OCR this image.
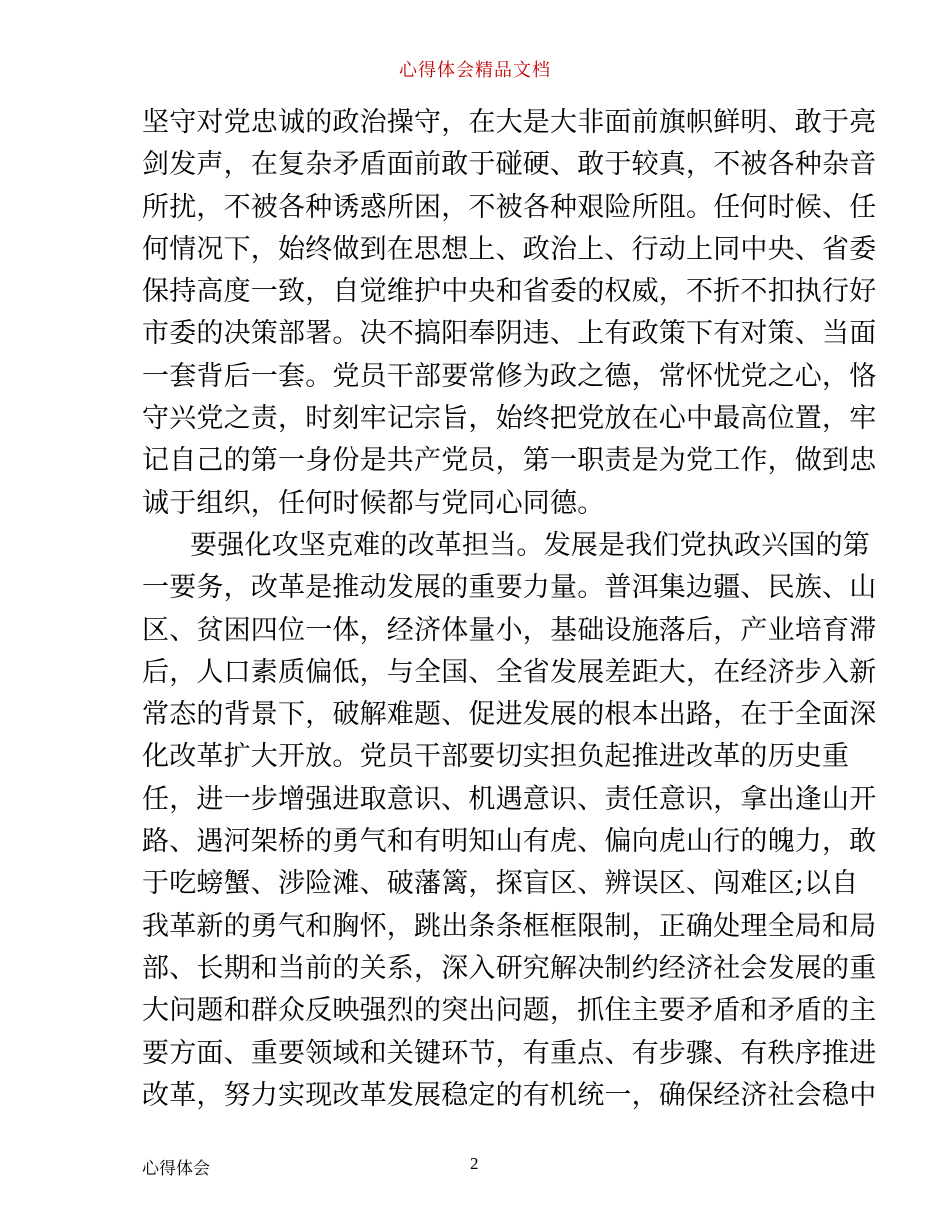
心得体会精品文档
坚守对党忠诚的政治操守，在大是大非面前旗帜鲜明、敢于亮
剑发声，在复杂矛盾面前敢于碰硬、敢于较真，不被各种杂音
所扰，不被各种诱惑所困，不被各种艰险所阻。任何时候、任
何情况下，始终做到在思想上、政治上、行动上同中央、省委
保持高度一致，自觉维护中央和省委的权威，不折不扣执行好
市委的决策部署。决不搞阳奉阴违、上有政策下有对策、当面
一套背后一套。党员干部要常修为政之德，常怀忧党之心，恪
守兴党之责，时刻牢记宗旨，始终把党放在心中最高位置，牢
记自己的第一身份是共产党员，第一职责是为党工作，做到忠
诚于组织，任何时候都与党同心同德。
要强化攻坚克难的改革担当。发展是我们党执政兴国的第
一要务，改革是推动发展的重要力量。普洱集边疆、民族、山
区、贫困四位一体，经济体量小，基础设施落后，产业培育滞
后，人口素质偏低，与全国、全省发展差距大，在经济步入新
常态的背景下，破解难题、促进发展的根本出路，在于全面深
化改革扩大开放。党员干部要切实担负起推进改革的历史重
任，进一步增强进取意识、机遇意识、责任意识，拿出逢山开
路、遇河架桥的勇气和有明知山有虎、偏向虎山行的魄力，敢
于吃螃蟹、涉险滩、破藩篱，探盲区、辨误区、闯难区;以自
我革新的勇气和胸怀，跳出条条框框限制，正确处理全局和局
部、长期和当前的关系，深入研究解决制约经济社会发展的重
大问题和群众反映强烈的突出问题，抓住主要矛盾和矛盾的主
要方面、重要领域和关键环节，有重点、有步骤、有秩序推进
改革，努力实现改革发展稳定的有机统一，确保经济社会稳中
心得体会	2
